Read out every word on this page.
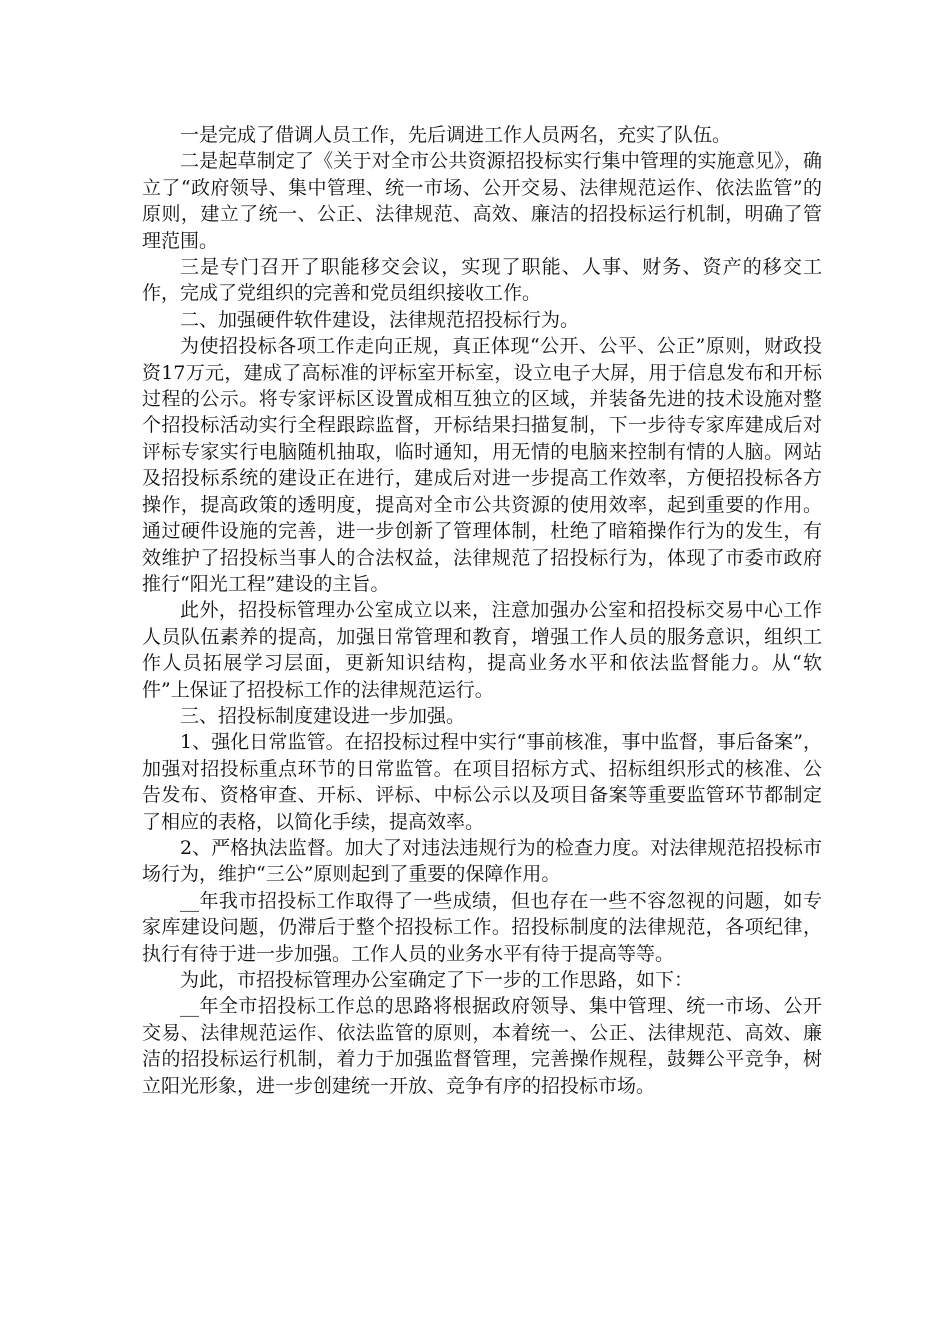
一是完成了借调人员工作，先后调进工作人员两名，充实了队伍。

二是起草制定了《关于对全市公共资源招投标实行集中管理的实施意见》，确立了“政府领导、集中管理、统一市场、公开交易、法律规范运作、依法监管”的原则，建立了统一、公正、法律规范、高效、廉洁的招投标运行机制，明确了管理范围。

三是专门召开了职能移交会议，实现了职能、人事、财务、资产的移交工作，完成了党组织的完善和党员组织接收工作。

二、加强硬件软件建设，法律规范招投标行为。

为使招投标各项工作走向正规，真正体现“公开、公平、公正”原则，财政投资17万元，建成了高标准的评标室开标室，设立电子大屏，用于信息发布和开标过程的公示。将专家评标区设置成相互独立的区域，并装备先进的技术设施对整个招投标活动实行全程跟踪监督，开标结果扫描复制，下一步待专家库建成后对评标专家实行电脑随机抽取，临时通知，用无情的电脑来控制有情的人脑。网站及招投标系统的建设正在进行，建成后对进一步提高工作效率，方便招投标各方操作，提高政策的透明度，提高对全市公共资源的使用效率，起到重要的作用。通过硬件设施的完善，进一步创新了管理体制，杜绝了暗箱操作行为的发生，有效维护了招投标当事人的合法权益，法律规范了招投标行为，体现了市委市政府推行“阳光工程”建设的主旨。

此外，招投标管理办公室成立以来，注意加强办公室和招投标交易中心工作人员队伍素养的提高，加强日常管理和教育，增强工作人员的服务意识，组织工作人员拓展学习层面，更新知识结构，提高业务水平和依法监督能力。从“软件”上保证了招投标工作的法律规范运行。

三、招投标制度建设进一步加强。

1、强化日常监管。在招投标过程中实行“事前核准，事中监督，事后备案”，加强对招投标重点环节的日常监管。在项目招标方式、招标组织形式的核准、公告发布、资格审查、开标、评标、中标公示以及项目备案等重要监管环节都制定了相应的表格，以简化手续，提高效率。

2、严格执法监督。加大了对违法违规行为的检查力度。对法律规范招投标市场行为，维护“三公”原则起到了重要的保障作用。

__年我市招投标工作取得了一些成绩，但也存在一些不容忽视的问题，如专家库建设问题，仍滞后于整个招投标工作。招投标制度的法律规范，各项纪律，执行有待于进一步加强。工作人员的业务水平有待于提高等等。

为此，市招投标管理办公室确定了下一步的工作思路，如下：

__年全市招投标工作总的思路将根据政府领导、集中管理、统一市场、公开交易、法律规范运作、依法监管的原则，本着统一、公正、法律规范、高效、廉洁的招投标运行机制，着力于加强监督管理，完善操作规程，鼓舞公平竞争，树立阳光形象，进一步创建统一开放、竞争有序的招投标市场。
